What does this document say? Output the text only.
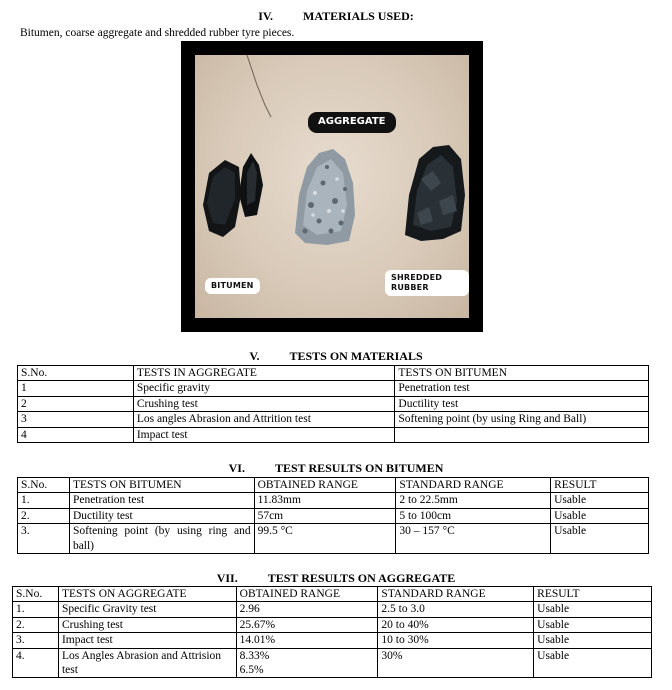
IV.	MATERIALS USED:
Bitumen, coarse aggregate and shredded rubber tyre pieces.
AGGREGATE
BITUMEN
SHREDDED RUBBER
V.	TESTS ON MATERIALS
S.No.	TESTS IN AGGREGATE	TESTS ON BITUMEN
1	Specific gravity	Penetration test
2	Crushing test	Ductility test
3	Los angles Abrasion and Attrition test	Softening point (by using Ring and Ball)
4	Impact test	
VI.	TEST RESULTS ON BITUMEN
S.No.	TESTS ON BITUMEN	OBTAINED RANGE	STANDARD RANGE	RESULT
1.	Penetration test	11.83mm	2 to 22.5mm	Usable
2.	Ductility test	57cm	5 to 100cm	Usable
3.	Softening point (by using ring and ball)	99.5 °C	30 – 157 °C	Usable
VII.	TEST RESULTS ON AGGREGATE
S.No.	TESTS ON AGGREGATE	OBTAINED RANGE	STANDARD RANGE	RESULT
1.	Specific Gravity test	2.96	2.5 to 3.0	Usable
2.	Crushing test	25.67%	20 to 40%	Usable
3.	Impact test	14.01%	10 to 30%	Usable
4.	Los Angles Abrasion and Attrision test	8.33% 6.5%	30%	Usable
